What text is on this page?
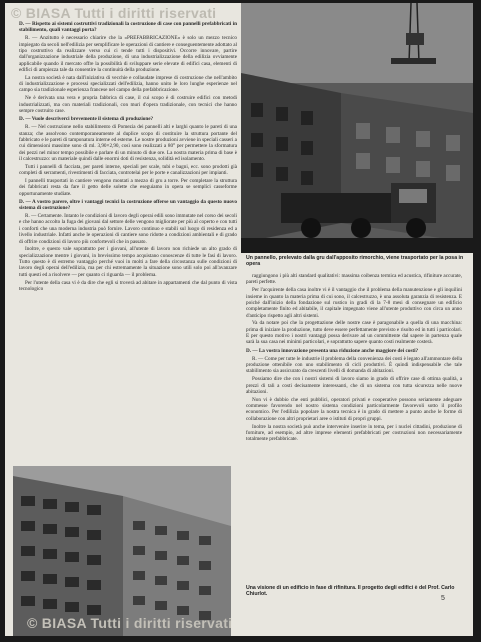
© BIASA Tutti i diritti riservati

D. — Rispetto ai sistemi costruttivi tradizionali la costruzione di case con pannelli prefabbricati in stabilimento, quali vantaggi porta?

R. — Anzitutto è necessario chiarire che la «PREFABBRICAZIONE» è solo un mezzo tecnico impiegato da secoli nell'edilizia per semplificare le operazioni di cantiere e conseguentemente adottato al tipo costruttivo da realizzare verso cui ci tende tutti i dispositivi. Occorre innovare, partire dall'organizzazione industriale della produzione, di una industrializzazione della edilizia ovviamente applicabile quando il mercato offre la possibilità di sviluppare serie elevate di edifici casa, elementi di edifici di ampiezza tale da consentire la continuità della produzione.

La nostra società è nata dall'iniziativa di vecchie e collaudate imprese di costruzione che nell'ambito di industrializzazione e processi specializzati dell'edilizia, hanno unito le loro lunghe esperienze nel campo sia tradizionale esperienza francese nel campo della prefabbricazione.

Ne è derivata una vera e propria fabbrica di case, il cui scopo è di costruire edifici con metodi industrializzati, ma con materiali tradizionali, con muri d'opera tradizionale, con tecnici che hanno sempre costruito case.

D. — Vuole descriverci brevemente il sistema di produzione?

R. — Nel costruzione nello stabilimento di Pomezia dei pannelli alti e larghi quanto le pareti di una stanza; che assolvono contemporaneamente al duplice scopo di costituire la struttura portante del fabbricato e le pareti di tamponatura interne ed esterne. Le nostre produzioni avviene in speciali casseri a cui dimensioni massime sono di ml. 3,90×2,90, così sono realizzati a 80° per permettere la sformatura dei pezzi nel minor tempo possibile e parlare di un minuto di due ore. La nostra materia prima di base è il calcestruzzo: un materiale quindi dalle enormi doti di resistenza, solidità ed isolamento.

Tutti i pannelli di facciata, per pareti interne, speciali per scale, tubi e bagni, ecc. sono prodotti già completi di serramenti, rivestimenti di facciata, controtelai per le porte e canalizzazioni per impianti.

I pannelli trasportati in cantiere vengono montati a mezzo di gru a torre. Per completare la struttura dei fabbricati resta da fare il getto delle solette che eseguiamo in opera se semplici casseforme opportunamente studiate.

D. — A vostro parere, oltre i vantaggi tecnici la costruzione offerse un vantaggio da questo nuovo sistema di costruzione?

R. — Certamente. Intanto le condizioni di lavoro degli operai edili sono immutate nel corso dei secoli e che hanno accolto la fuga dei giovani dal settore delle vengono migliorate per più al coperto e con tutti i conforti che una moderna industria può fornire. Lavoro continuo e stabili sul luogo di residenza ed a livello industriale. Infatti anche le operazioni di cantiere sono ridotte a condizioni ambientali e di grado di offrire condizioni di lavoro più confortevoli che in passato.

Inoltre, e questo vale soprattutto per i giovani, all'utente di lavoro non richiede un alto grado di specializzazione mentre i giovani, in brevissimo tempo acquistano conoscenze di tutte le fasi di lavoro. Tutto questo è di estremo vantaggio perché vuoi in molti a fare della circostanza sulle condizioni di lavoro degli operai dell'edilizia, ma per chi estremamente la situazione sono utili solo poi all'avanzare tutti questi ed a risolvere — per quanto ci riguarda — il problema.

Per l'utente della casa vi è da dire che egli si troverà ad abitare in appartamenti che dal punto di vista tecnologico

Un pannello, prelevato dalla gru dall'apposito rimorchio, viene trasportato per la posa in opera

raggiungono i più alti standard qualitativi: massima coibenza termica ed acustica, rifiniture accurate, pareti perfette.

Per l'acquirente della casa inoltre vi è il vantaggio che il problema della manutenzione e gli inquilini insieme in quanto la materia prima di cui sono, il calcestruzzo, è una assoluta garanzia di resistenza. E poiché dall'inizio della fondazione sul rustico in gradi di la 7-8 mesi di consegnare un edificio completamente finito ed abitabile, il capitale impegnato viene all'utente produttivo con circa un anno d'anticipo rispetto agli altri sistemi.

Va da notare poi che la progettazione delle nostre case è paragonabile a quella di una macchina: prima di iniziare la produzione, tutto deve essere perfettamente previsto e risolto ed in tutti i particolari. E per questo motivo i nostri vantaggi possa derivare ad un committente dal sapere in partenza quale sarà la sua casa nei minimi particolari, e soprattutto sapere quanto costi realmente costerà.

D. — La vostra innovazione presenta una riduzione anche maggiore dei costi?

R. — Come per tutte le industrie il problema della convenienza dei costi è legato all'ammontare della produzione ottenibile con uno stabilimento di cicli produttivi. È quindi indispensabile che tale stabilimento sia assicurato da crescenti livelli di domanda di abitazioni.

Possiamo dire che con i nostri sistemi di lavoro siamo in grado di offrire case di ottima qualità, a prezzi di tali a costi decisamente interessanti, che di un sistema con tutta sicurezza nelle nuove abitazioni.

Non vi è dubbio che enti pubblici, operatori privati e cooperative possono seriamente adeguare commesse favorendo nel nostro sistema condizioni particolarmente favorevoli sotto il profilo economico. Per l'edilizia popolare la nostra tecnica è in grado di mettere a punto anche le forme di collaborazione con altri proprietari aree o istituti di propri gruppi.

Inoltre la nostra società può anche intervenire inserire in tema, per i nuclei cittadini, produzione di forniture, ad esempio, ad altre imprese elementi prefabbricati per costruzioni non necessariamente totalmente prefabbricate.

Una visione di un edificio in fase di rifinitura. Il progetto degli edifici è del Prof. Carlo Chiurlot.
5
© BIASA Tutti i diritti riservati
